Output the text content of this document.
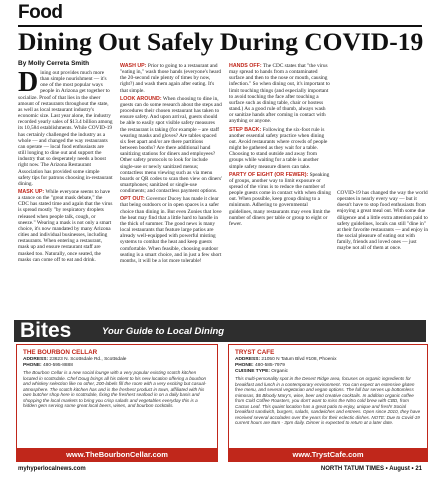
Food
Dining Out Safely During COVID-19
By Molly Cerreta Smith

Dining out provides much more than simple nourishment — it's one of the most popular ways people in Arizona get together to socialize. Proof of that lies in the sheer amount of restaurants throughout the state, as well as local restaurant industry's economic size. Last year alone, the industry recorded yearly sales of $13.4 billion among its 10,584 establishments. While COVID-19 has certainly challenged the industry as a whole — and changed the way restaurants can operate — local food enthusiasts are still longing to dine out and support the industry that so desperately needs a boost right now. The Arizona Restaurant Association has provided some simple safety tips for patrons choosing in-restaurant dining.

MASK UP: While everyone seems to have a stance on the "great mask debate," the CDC has stated time and again that the virus is spread mostly "by respiratory droplets released when people talk, cough, or sneeze." Wearing a mask is not only a smart choice, it's now mandated by many Arizona cities and individual businesses, including restaurants. When entering a restaurant, mask up and ensure restaurant staff are masked too. Naturally, once seated, the masks can come off to eat and drink.

WASH UP: Prior to going to a restaurant and "eating in," wash those hands (everyone's heard the 20-second rule plenty of times by now, right?) and wash them again after eating. It's that simple.

LOOK AROUND: When choosing to dine in, guests can do some research about the steps and procedures their chosen restaurant has taken to ensure safety. And upon arrival, guests should be able to easily spot visible safety measures the restaurant is taking (for example – are staff wearing masks and gloves? Are tables spaced six feet apart and/or are there partitions between booths? Are there additional hand sanitizing stations for diners and employees? Other safety protocols to look for include single-use or newly sanitized menus; contactless menu viewing such as via menu boards or QR codes to scan then view on diners' smartphones; sanitized or single-use condiments; and contactless payment options.

OPT OUT: Governor Ducey has made it clear that being outdoors or in open spaces is a safer choice than dining in. But even Zonies that love the heat may find that a little hard to handle in the thick of summer. The good news is many local restaurants that feature large patios are already well-equipped with powerful misting systems to combat the heat and keep guests comfortable. When feasible, choosing outdoor seating is a smart choice, and in just a few short months, it will be a lot more tolerable!

HANDS OFF: The CDC states that "the virus may spread to hands from a contaminated surface and then to the nose or mouth, causing infection." So when dining out, it's important to limit touching things (and especially important to avoid touching the face after touching a surface such as dining table, chair or hostess stand.) As a good rule of thumb, always wash or sanitize hands after coming in contact with anything or anyone.

STEP BACK: Following the six-foot rule is another essential safety practice when dining out. Avoid restaurants where crowds of people might be gathered as they wait for a table. Choosing to stand outside and away from groups while waiting for a table is another simple safety measure diners can take.

PARTY OF EIGHT (OR FEWER): Speaking of groups, another way to limit exposure or spread of the virus is to reduce the number of people guests come in contact with when dining out. When possible, keep group dining to a minimum. Adhering to governmental guidelines, many restaurants may even limit the number of diners per table or group to eight or fewer.

COVID-19 has changed the way the world operates in nearly every way — but it doesn't have to stop food enthusiasts from enjoying a great meal out. With some due diligence and a little extra attention paid to safety guidelines, locals can still "dine in" at their favorite restaurants — and enjoy in the social pleasure of eating out with family, friends and loved ones — just maybe not all of them at once.

Bites	Your Guide to Local Dining
THE BOURBON CELLAR
ADDRESS: 23623 N. Scottsdale Rd., Scottsdale
PHONE: 480-595-8888
The Bourbon Cellar is a new social lounge with a very popular existing scotch kitchen located in scottsdale. Chef Doug brings all his talent to his new location offering a bourbon and whiskey selection like no other, 200-labels fill the room with a very exciting but casual- atmosphere. The scotch kitchen has and is the freshest product in town, affiliated with his own butcher shop here in scottsdale, fixing the freshest seafood in on a daily basis and shopping the local markets to bring you crisp salads and vegetables everyday this is a hidden gem serving some great local beers, wines, and bourbon cocktails.
www.TheBourbonCellar.com
TRYST CAFE
ADDRESS: 21050 N Tatum Blvd #108, Phoenix
PHONE: 480-585-7979
CUISINE TYPE: Organic
This multi-personality spot in the Desert Ridge area, focuses on organic ingredients for breakfast and lunch in a contemporary environment. You can expect an extensive gluten free menu, and several vegetarian and vegan options. The full bar serves up bottomless mimosas, $6 Bloody Mary's, wine, beer and creative cocktails. In addition organic coffee from Cold Coffee Roasters, you don't want to miss the Nitro cold brew with CBD, from Cactus Leaf. This quaint location has a great patio to enjoy, unique and fresh! Social breakfast sandwich, burgers, salads, sandwiches and entrees. Open since 2010, they have received several accolades over the years for their eclectic dishes. NOTE: Due to Covid-19 current hours are 8am - 3pm daily. Dinner is expected to return at a later date.
www.TrystCafe.com
myhyperlocalnews.com	NORTH TATUM TIMES • August • 21
